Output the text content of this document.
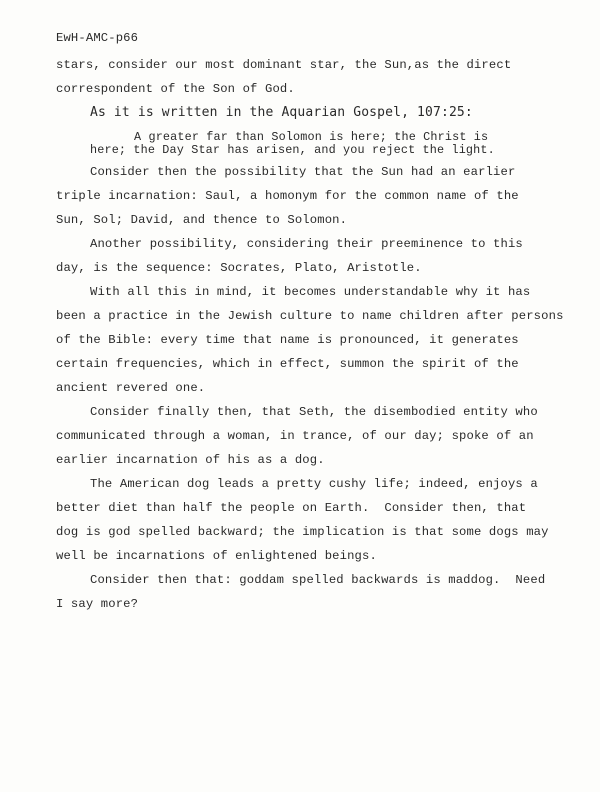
EwH-AMC-p66
stars, consider our most dominant star, the Sun,as the direct
correspondent of the Son of God.
As it is written in the Aquarian Gospel, 107:25:
A greater far than Solomon is here; the Christ is
here; the Day Star has arisen, and you reject the light.
Consider then the possibility that the Sun had an earlier
triple incarnation: Saul, a homonym for the common name of the
Sun, Sol; David, and thence to Solomon.
Another possibility, considering their preeminence to this
day, is the sequence: Socrates, Plato, Aristotle.
With all this in mind, it becomes understandable why it has
been a practice in the Jewish culture to name children after persons
of the Bible: every time that name is pronounced, it generates
certain frequencies, which in effect, summon the spirit of the
ancient revered one.
Consider finally then, that Seth, the disembodied entity who
communicated through a woman, in trance, of our day; spoke of an
earlier incarnation of his as a dog.
The American dog leads a pretty cushy life; indeed, enjoys a
better diet than half the people on Earth.  Consider then, that
dog is god spelled backward; the implication is that some dogs may
well be incarnations of enlightened beings.
Consider then that: goddam spelled backwards is maddog.  Need
I say more?
